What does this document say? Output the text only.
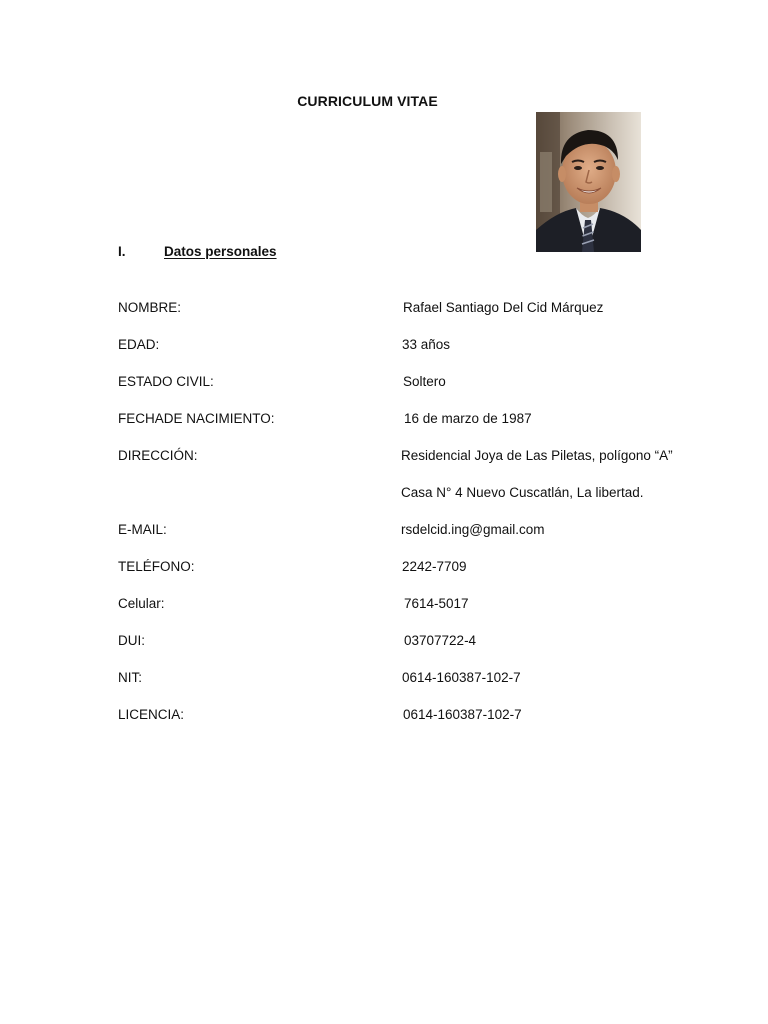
CURRICULUM VITAE
I.	Datos personales
NOMBRE:	Rafael Santiago Del Cid Márquez
EDAD:	33 años
ESTADO CIVIL:	Soltero
FECHADE NACIMIENTO:	16 de marzo de 1987
DIRECCIÓN:	Residencial Joya de Las Piletas, polígono “A”
Casa N° 4 Nuevo Cuscatlán, La libertad.
E-MAIL:	rsdelcid.ing@gmail.com
TELÉFONO:	2242-7709
Celular:	7614-5017
DUI:	03707722-4
NIT:	0614-160387-102-7
LICENCIA:	0614-160387-102-7
